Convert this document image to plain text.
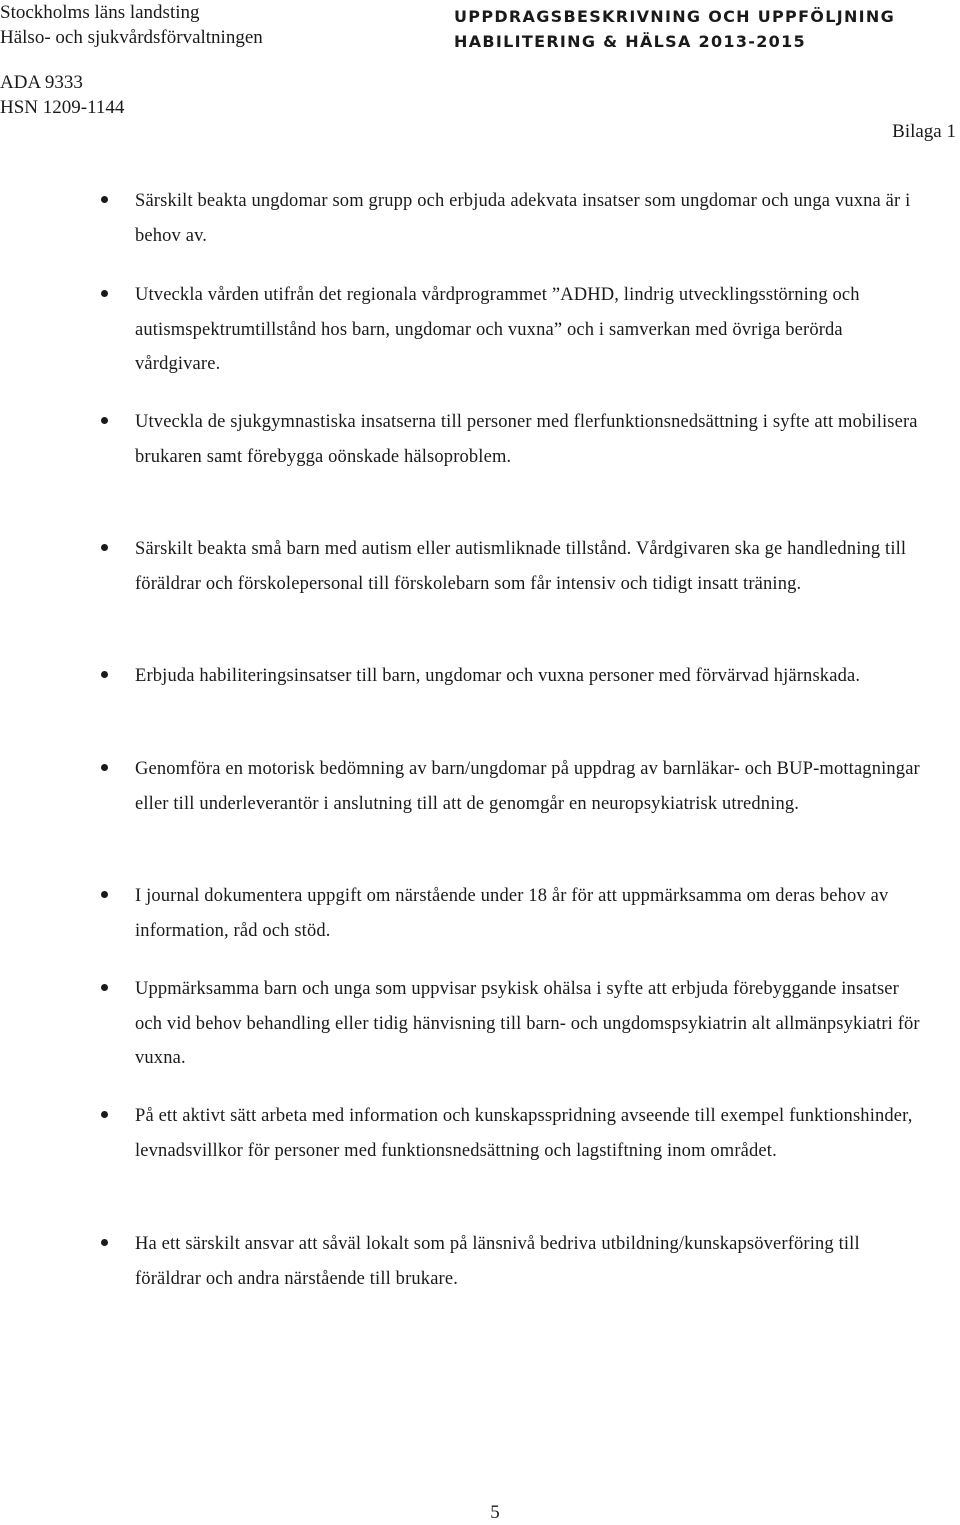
Stockholms läns landsting
Hälso- och sjukvårdsförvaltningen
UPPDRAGSBESKRIVNING OCH UPPFÖLJNING
HABILITERING & HÄLSA 2013-2015
ADA 9333
HSN 1209-1144
Bilaga 1

Särskilt beakta ungdomar som grupp och erbjuda adekvata insatser som ungdomar och unga vuxna är i behov av.

Utveckla vården utifrån det regionala vårdprogrammet ”ADHD, lindrig utvecklingsstörning och autismspektrumtillstånd hos barn, ungdomar och vuxna” och i samverkan med övriga berörda vårdgivare.

Utveckla de sjukgymnastiska insatserna till personer med flerfunktionsnedsättning i syfte att mobilisera brukaren samt förebygga oönskade hälsoproblem.

Särskilt beakta små barn med autism eller autismliknade tillstånd. Vårdgivaren ska ge handledning till föräldrar och förskolepersonal till förskolebarn som får intensiv och tidigt insatt träning.

Erbjuda habiliteringsinsatser till barn, ungdomar och vuxna personer med förvärvad hjärnskada.

Genomföra en motorisk bedömning av barn/ungdomar på uppdrag av barnläkar- och BUP-mottagningar eller till underleverantör i anslutning till att de genomgår en neuropsykiatrisk utredning.

I journal dokumentera uppgift om närstående under 18 år för att uppmärksamma om deras behov av information, råd och stöd.

Uppmärksamma barn och unga som uppvisar psykisk ohälsa i syfte att erbjuda förebyggande insatser och vid behov behandling eller tidig hänvisning till barn- och ungdomspsykiatrin alt allmänpsykiatri för vuxna.

På ett aktivt sätt arbeta med information och kunskapsspridning avseende till exempel funktionshinder, levnadsvillkor för personer med funktionsnedsättning och lagstiftning inom området.

Ha ett särskilt ansvar att såväl lokalt som på länsnivå bedriva utbildning/kunskapsöverföring till föräldrar och andra närstående till brukare.

5
